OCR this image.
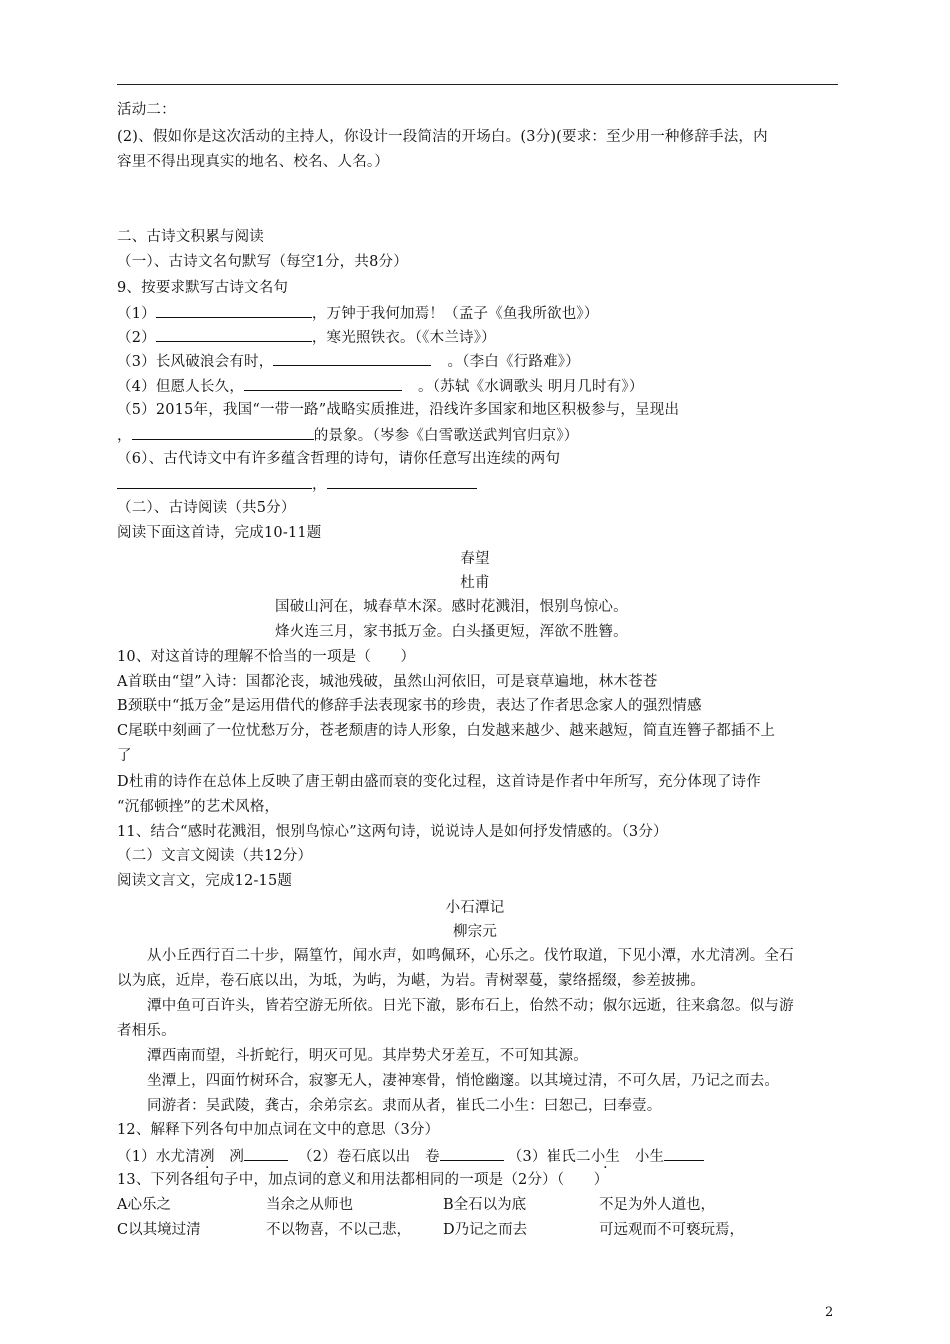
活动二：
(2)、假如你是这次活动的主持人，你设计一段简洁的开场白。(3分)(要求：至少用一种修辞手法，内
容里不得出现真实的地名、校名、人名。）
二、古诗文积累与阅读
（一）、古诗文名句默写（每空1分，共8分）
9、按要求默写古诗文名句
（1）	，万钟于我何加焉！（孟子《鱼我所欲也》）
（2）	，寒光照铁衣。（《木兰诗》）
（3）长风破浪会有时，	。（李白《行路难》）
（4）但愿人长久，	。（苏轼《水调歌头 明月几时有》）
（5）2015年，我国“一带一路”战略实质推进，沿线许多国家和地区积极参与，呈现出
，	的景象。（岑参《白雪歌送武判官归京》）
（6）、古代诗文中有许多蕴含哲理的诗句，请你任意写出连续的两句
，
（二）、古诗阅读（共5分）
阅读下面这首诗，完成10-11题
春望
杜甫
国破山河在，城春草木深。感时花溅泪，恨别鸟惊心。
烽火连三月，家书抵万金。白头搔更短，浑欲不胜簪。
10、对这首诗的理解不恰当的一项是（　　）
A首联由“望”入诗：国都沦丧，城池残破，虽然山河依旧，可是衰草遍地，林木苍苍
B颈联中“抵万金”是运用借代的修辞手法表现家书的珍贵，表达了作者思念家人的强烈情感
C尾联中刻画了一位忧愁万分，苍老颓唐的诗人形象，白发越来越少、越来越短，简直连簪子都插不上
了
D杜甫的诗作在总体上反映了唐王朝由盛而衰的变化过程，这首诗是作者中年所写，充分体现了诗作
“沉郁顿挫”的艺术风格，
11、结合“感时花溅泪，恨别鸟惊心”这两句诗，说说诗人是如何抒发情感的。（3分）
（二）文言文阅读（共12分）
阅读文言文，完成12-15题
小石潭记
柳宗元
从小丘西行百二十步，隔篁竹，闻水声，如鸣佩环，心乐之。伐竹取道，下见小潭，水尤清冽。全石
以为底，近岸，卷石底以出，为坻，为屿，为嵁，为岩。青树翠蔓，蒙络摇缀，参差披拂。
潭中鱼可百许头，皆若空游无所依。日光下澈，影布石上，佁然不动；俶尔远逝，往来翕忽。似与游
者相乐。
潭西南而望，斗折蛇行，明灭可见。其岸势犬牙差互，不可知其源。
坐潭上，四面竹树环合，寂寥无人，凄神寒骨，悄怆幽邃。以其境过清，不可久居，乃记之而去。
同游者：吴武陵，龚古，余弟宗玄。隶而从者，崔氏二小生：曰恕己，曰奉壹。
12、解释下列各句中加点词在文中的意思（3分）
（1）水尤清冽　 冽	（2）卷石底以出　卷	（3）崔氏二小生　小生
13、下列各组句子中，加点词的意义和用法都相同的一项是（2分）（　　）
A心乐之	当余之从师也	B全石以为底	不足为外人道也，
C以其境过清	不以物喜，不以己悲， D乃记之而去	可远观而不可亵玩焉，
2
